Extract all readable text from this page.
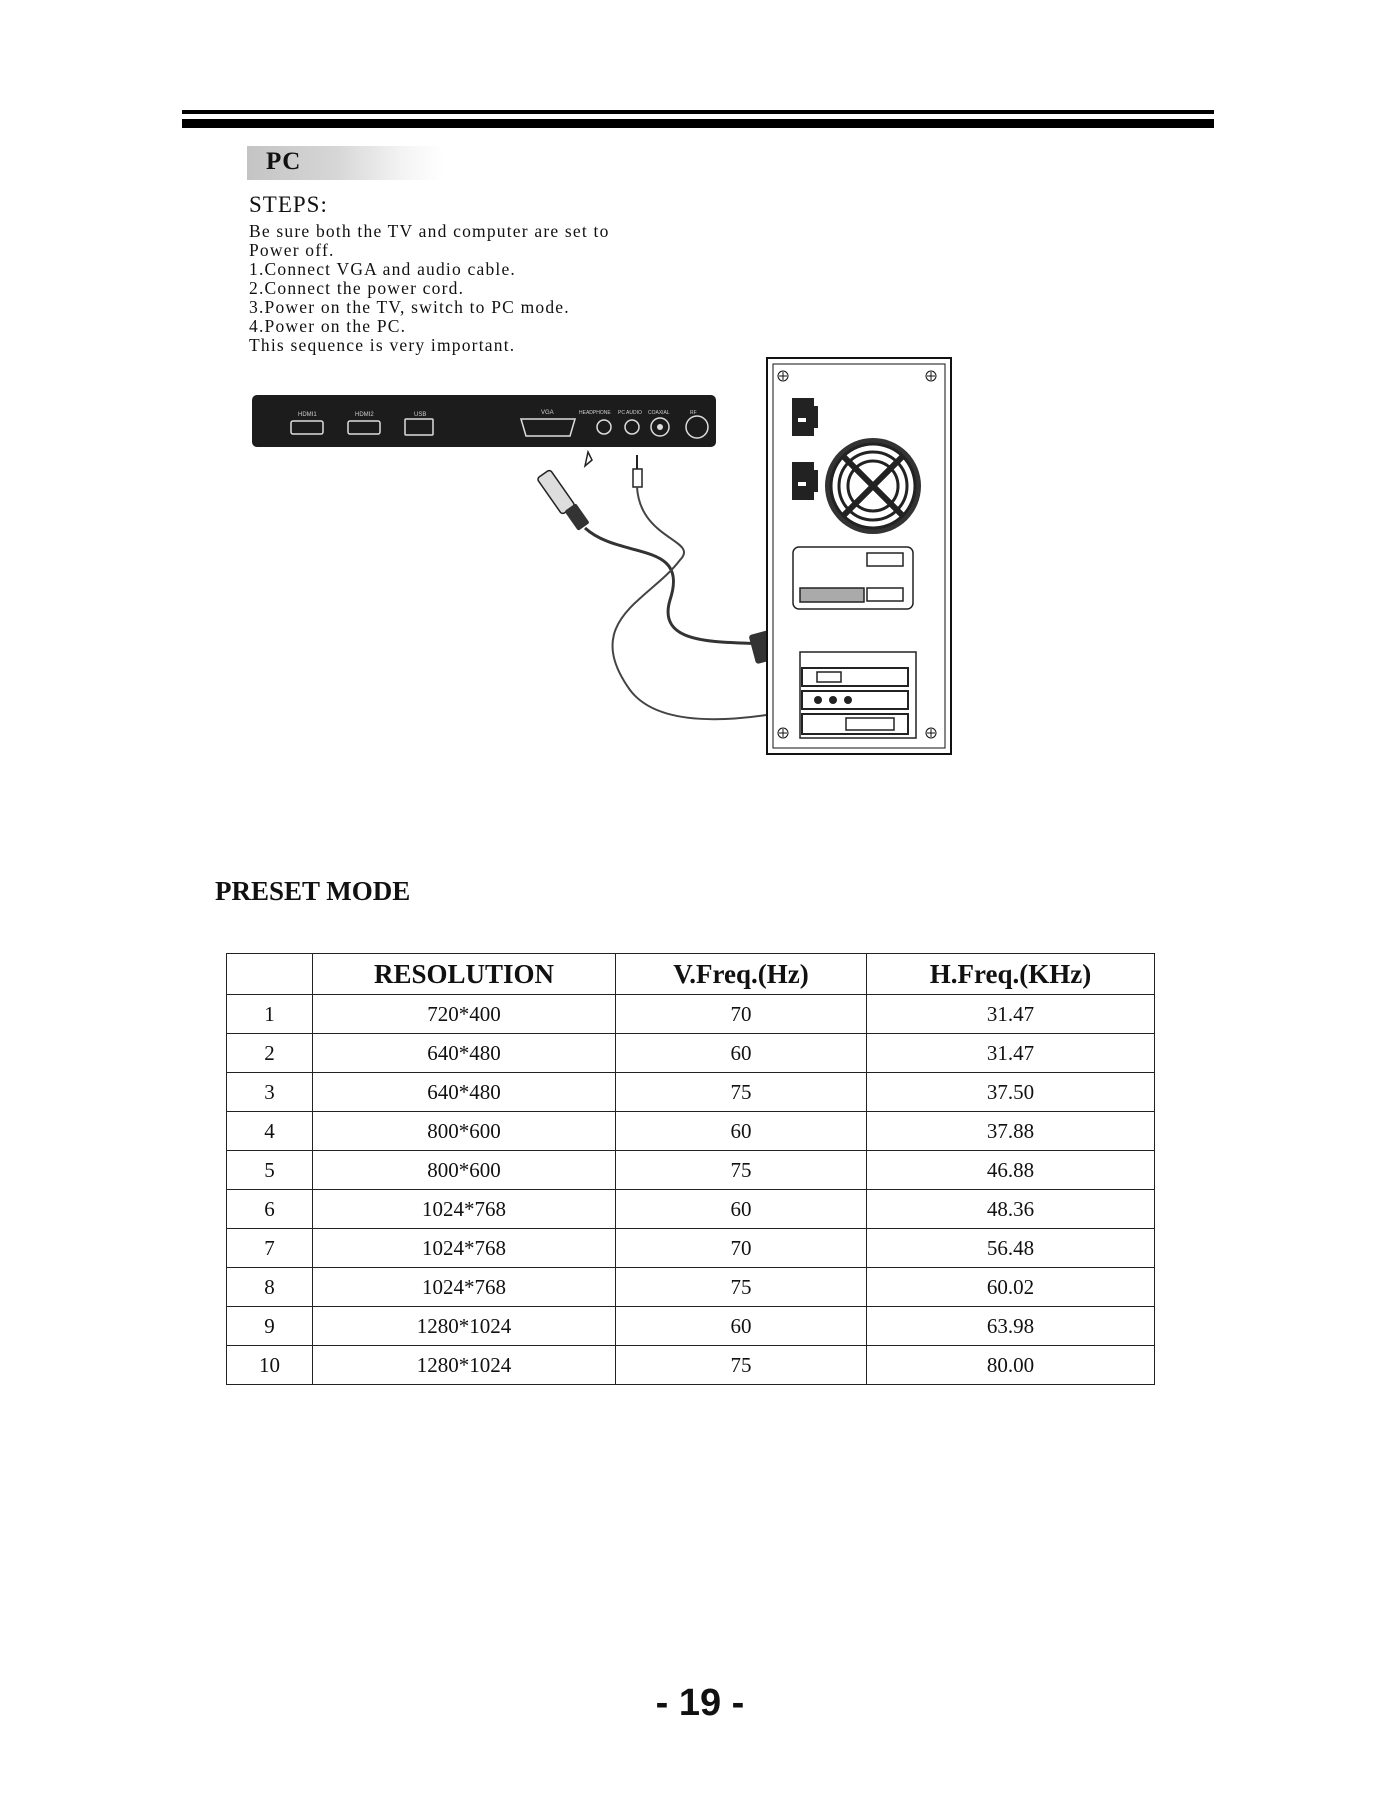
PC
STEPS:
Be sure both the TV and computer are set to
Power off.
1.Connect VGA and audio cable.
2.Connect the power cord.
3.Power on the TV, switch to PC mode.
4.Power on the PC.
This sequence is very important.
HDMI1	HDMI2	USB	VGA	HEADPHONE PC AUDIO COAXIAL	RF
PRESET MODE
	RESOLUTION	V.Freq.(Hz)	H.Freq.(KHz)
1	720*400	70	31.47
2	640*480	60	31.47
3	640*480	75	37.50
4	800*600	60	37.88
5	800*600	75	46.88
6	1024*768	60	48.36
7	1024*768	70	56.48
8	1024*768	75	60.02
9	1280*1024	60	63.98
10	1280*1024	75	80.00
- 19 -
